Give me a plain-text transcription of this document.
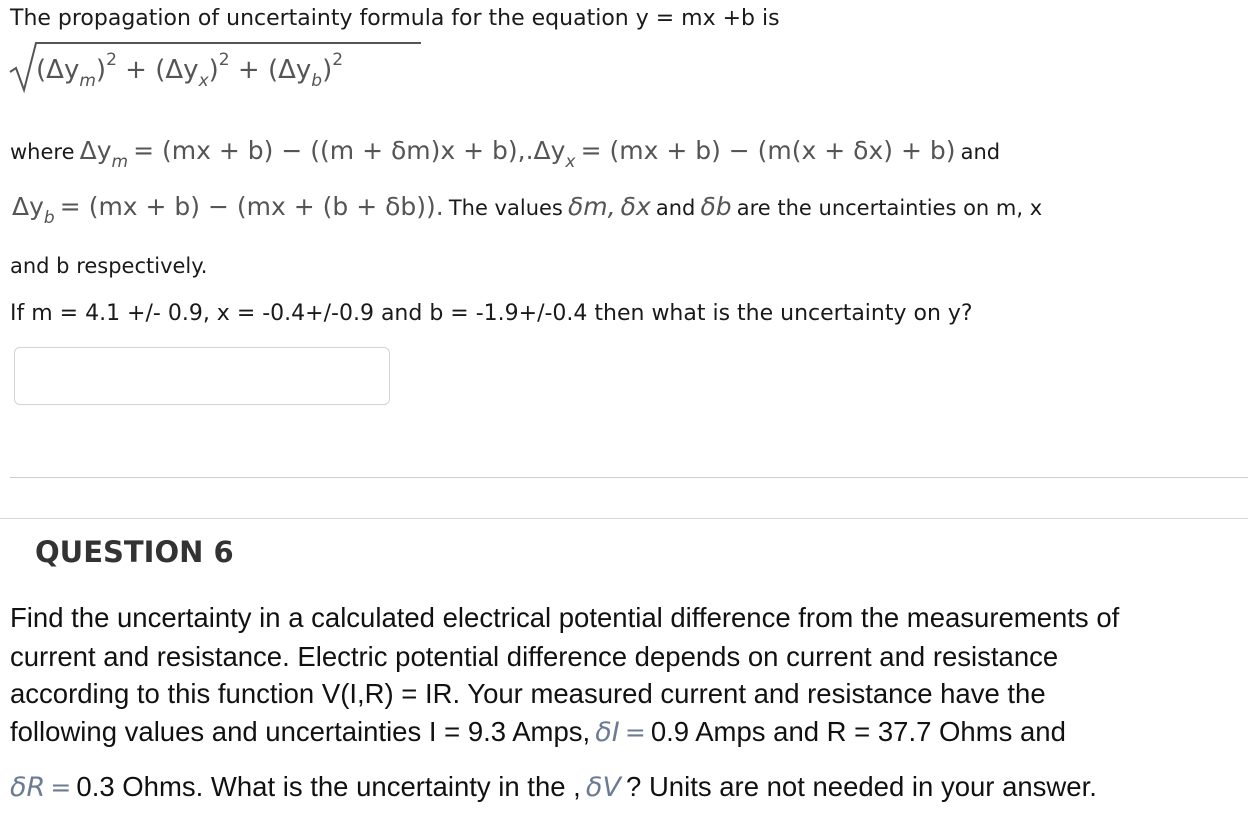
The propagation of uncertainty formula for the equation y = mx +b is
$(\Delta y_m)^2 + (\Delta y_x)^2 + (\Delta y_b)^2$
where $\Delta y_m = (mx + b) - ((m + \delta m)x + b),.\Delta y_x = (mx + b) - (m(x + \delta x) + b)$ and
$\Delta y_b = (mx + b) - (mx + (b + \delta b))$. The values δm, δx and δb are the uncertainties on m, x
and b respectively.
If m = 4.1 +/- 0.9, x = -0.4+/-0.9 and b = -1.9+/-0.4 then what is the uncertainty on y?
QUESTION 6
Find the uncertainty in a calculated electrical potential difference from the measurements of
current and resistance. Electric potential difference depends on current and resistance
according to this function V(I,R) = IR. Your measured current and resistance have the
following values and uncertainties I = 9.3 Amps, δI = 0.9 Amps and R = 37.7 Ohms and
δR = 0.3 Ohms. What is the uncertainty in the , δV ? Units are not needed in your answer.
